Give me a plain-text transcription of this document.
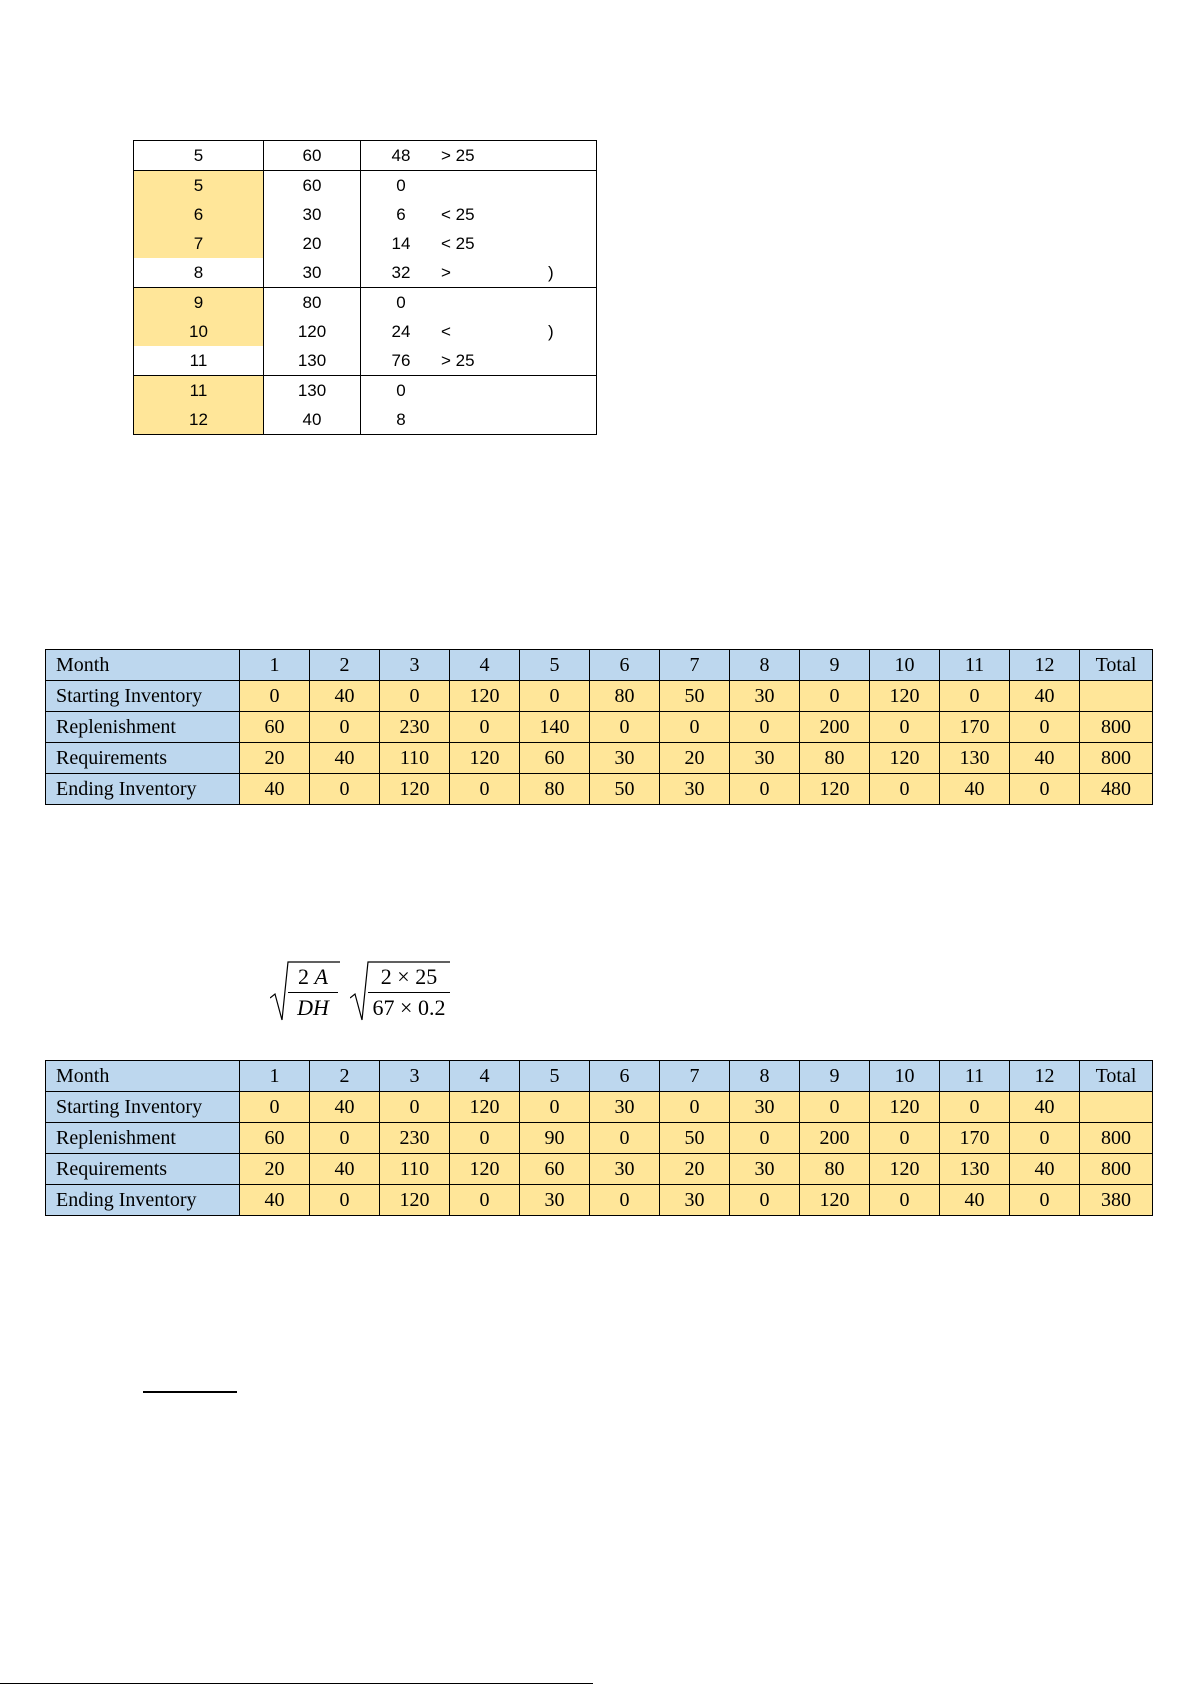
5	60	48	> 25

5	60	0	

6	30	6	< 25

7	20	14	< 25

8	30	32	> )

9	80	0	

10	120	24	< )

11	130	76	> 25

11	130	0	

12	40	8	
Month	1	2	3	4	5	6	7	8	9	10	11	12	Total
Starting Inventory	0	40	0	120	0	80	50	30	0	120	0	40	
Replenishment	60	0	230	0	140	0	0	0	200	0	170	0	800
Requirements	20	40	110	120	60	30	20	30	80	120	130	40	800
Ending Inventory	40	0	120	0	80	50	30	0	120	0	40	0	480
$\frac{2 A}{DH} \frac{2 \times 25}{67 \times 0.2}$
Month	1	2	3	4	5	6	7	8	9	10	11	12	Total
Starting Inventory	0	40	0	120	0	30	0	30	0	120	0	40	
Replenishment	60	0	230	0	90	0	50	0	200	0	170	0	800
Requirements	20	40	110	120	60	30	20	30	80	120	130	40	800
Ending Inventory	40	0	120	0	30	0	30	0	120	0	40	0	380
